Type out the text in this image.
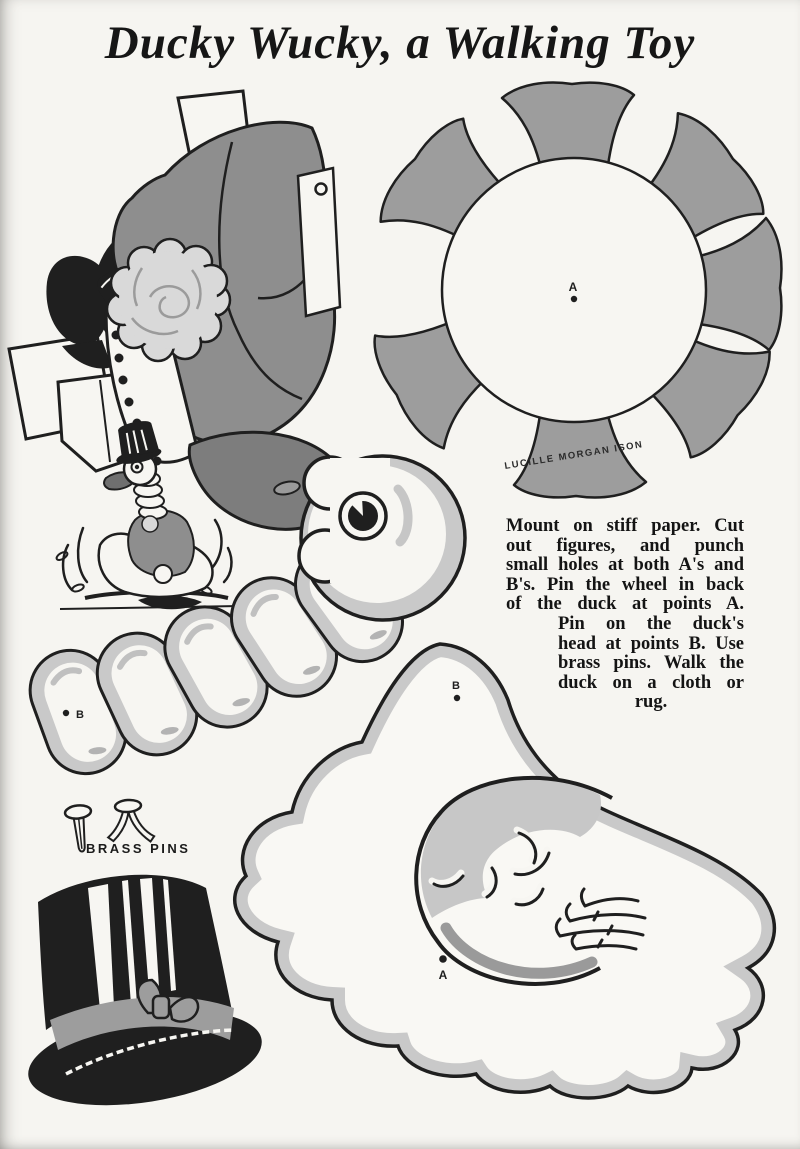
Ducky Wucky, a Walking Toy
A
LUCILLE MORGAN ISON
B
B
A
Mount on stiff paper. Cut
out figures, and punch
small holes at both A's and
B's. Pin the wheel in back
of the duck at points A.
Pin on the duck's
head at points B. Use
brass pins. Walk the
duck on a cloth or
rug.
BRASS PINS
